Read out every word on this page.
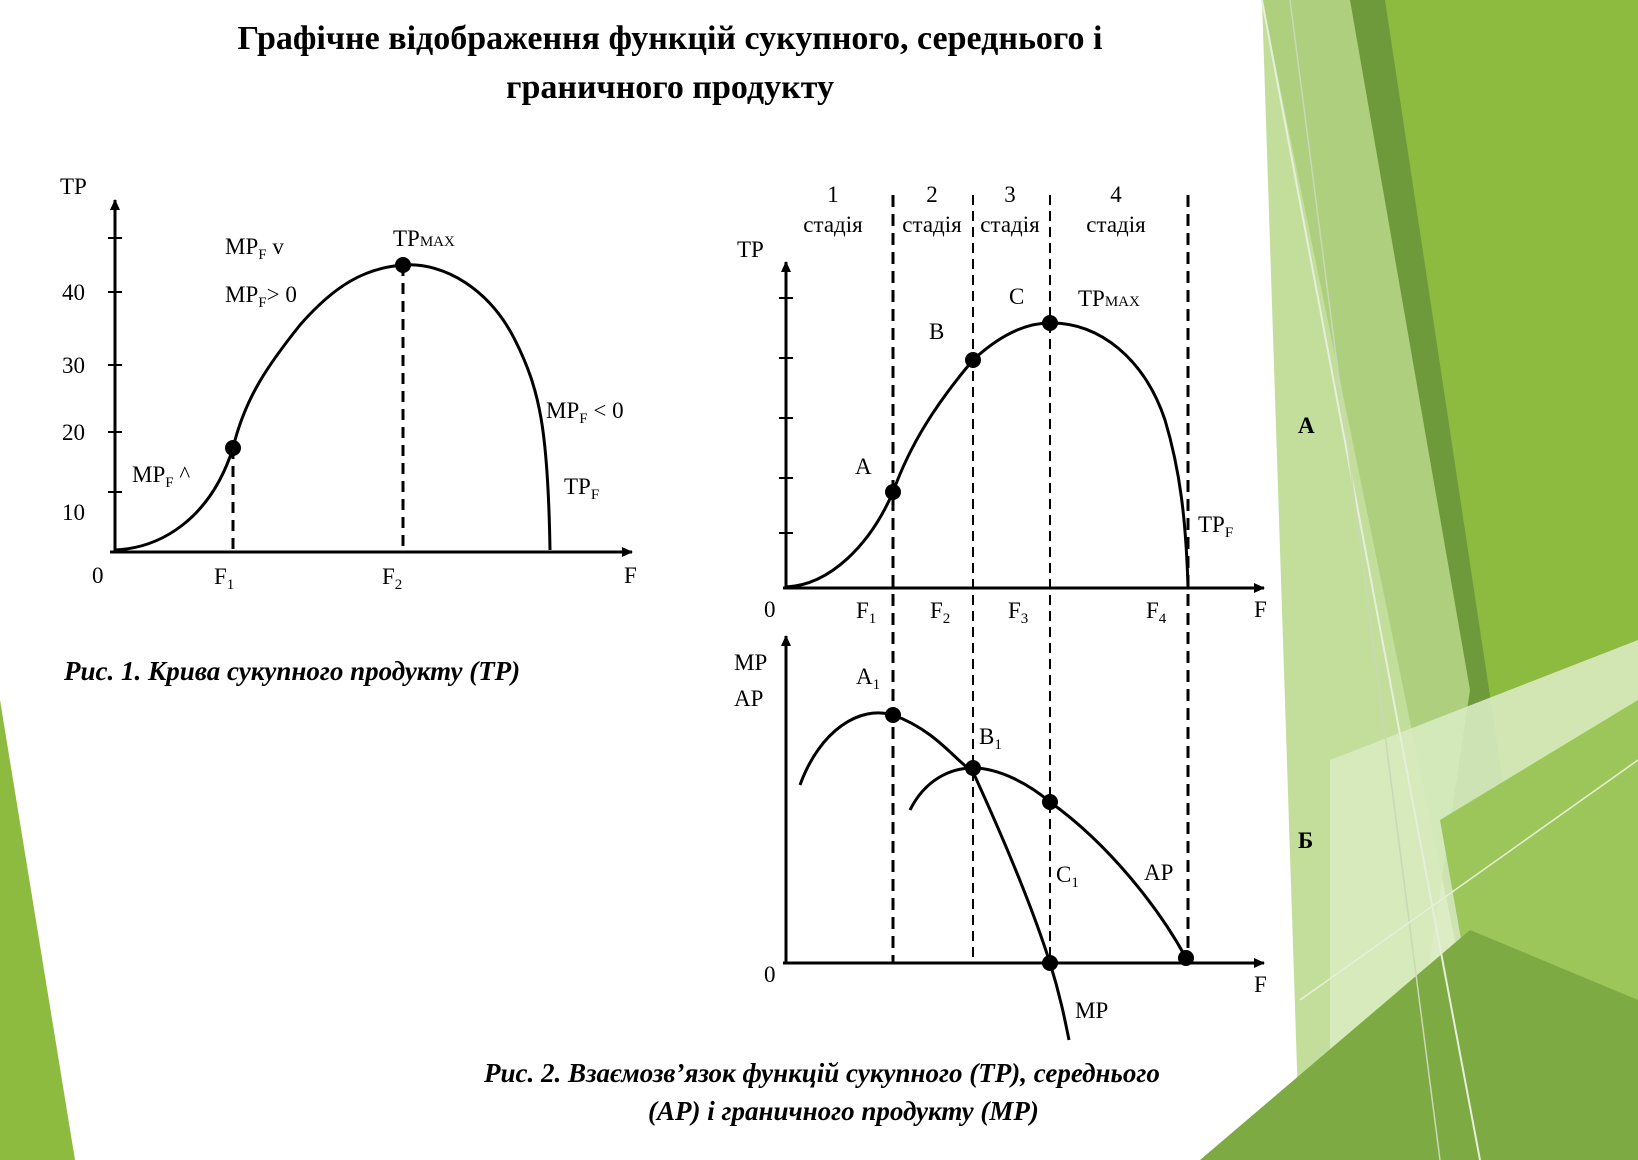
Графічне відображення функцій сукупного, середнього і
граничного продукту
TP
40
30
20
10
0	F
$F_1$	$F_2$
$MP_F$ ^
$MP_F$ v
$MP_F> 0$
TPMAX
$MP_F < 0$
$TP_F$
Рис. 1. Крива сукупного продукту (ТР)
1
стадія
2
стадія
3
стадія
4
стадія
TP
0	F
$F_1$ $F_2$	$F_3$	$F_4$
A
B
C TPMAX
$TP_F$
А
MP
AP
0	F
$A_1$
$B_1$
$C_1$	AP
MP
Б
Рис. 2. Взаємозв’язок функцій сукупного (ТР), середнього
(АР) і граничного продукту (МР)
